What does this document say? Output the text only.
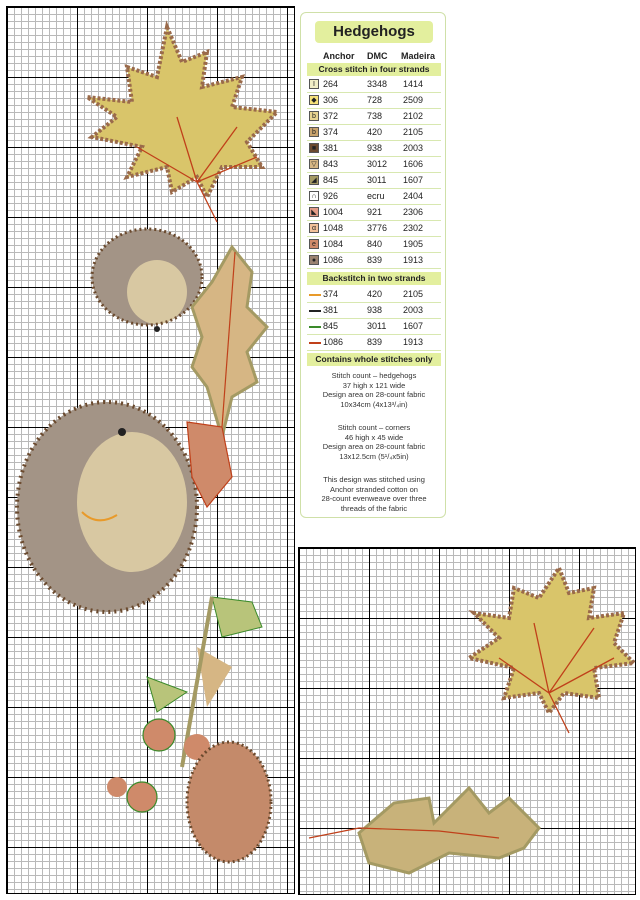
Hedgehogs
Anchor DMC Madeira
Cross stitch in four strands
I 264	3348 1414
◆ 306	728 2509
b 372	738 2102
b 374	420 2105
■ 381	938 2003
▽ 843	3012 1606
◢ 845	3011 1607
∩ 926	ecru 2404
◣ 1004	921 2306
α 1048	3776 2302
e 1084	840 1905
● 1086	839 1913
Backstitch in two strands
374	420 2105
381	938 2003
845	3011 1607
1086	839 1913
Contains whole stitches only
Stitch count – hedgehogs
37 high x 121 wide
Design area on 28-count fabric
10x34cm (4x13³/₄in)
Stitch count – corners
46 high x 45 wide
Design area on 28-count fabric
13x12.5cm (5¹/₄x5in)
This design was stitched using
Anchor stranded cotton on
28-count evenweave over three
threads of the fabric
